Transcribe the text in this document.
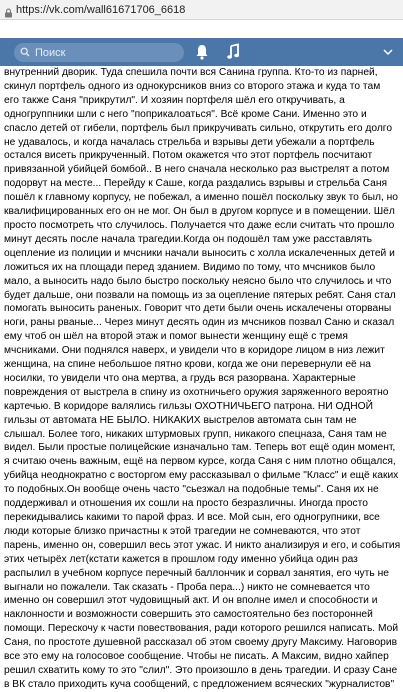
https://vk.com/wall61671706_6618
Поиск
внутренний дворик. Туда спешила почти вся Санина группа. Кто-то из парней,
скинул портфель одного из однокурсников вниз со второго этажа и куда то там
его также Саня "прикрутил". И хозяин портфеля шёл его откручивать, а
одногруппники шли с него "поприкалоаться". Всё кроме Сани. Именно это и
спасло детей от гибели, портфель был прикручивать сильно, открутить его долго
не удавалось, и когда началась стрельба и взрывы дети убежали а портфель
остался висеть прикрученный. Потом окажется что этот портфель посчитают
привязанной убийцей бомбой.. В него сначала несколько раз выстрелят а потом
подорвут на месте... Перейду к Саше, когда раздались взрывы и стрельба Саня
пошёл к главному корпусу, не побежал, а именно пошёл поскольку звук то был, но
квалифицированных его он не мог. Он был в другом корпусе и в помещении. Шёл
просто посмотреть что случилось. Получается что даже если считать что прошло
минут десять после начала трагедии.Когда он подошёл там уже расставлять
оцепление из полиции и мчсники начали выносить с холла искалеченных детей и
ложиться их на площади перед зданием. Видимо по тому, что мчсников было
мало, а выносить надо было быстро поскольку неясно было что случилось и что
будет дальше, они позвали на помощь из за оцепление пятерых ребят. Саня стал
помогать выносить раненых. Говорит что дети были очень искалечены оторваны
ноги, раны рваные... Через минут десять один из мчсников позвал Саню и сказал
ему чтоб он шёл на второй этаж и помог вынести женщину ещё с тремя
мчсниками. Они поднялся наверх, и увидели что в коридоре лицом в низ лежит
женщина, на спине небольшое пятно крови, когда же они перевернули её на
носилки, то увидели что она мертва, а грудь вся разорвана. Характерные
повреждения от выстрела в спину из охотничьего оружия заряженного вероятно
картечью. В коридоре валялись гильзы ОХОТНИЧЬЕГО патрона. НИ ОДНОЙ
гильзы от автомата НЕ БЫЛО. НИКАКИХ выстрелов автомата сын там не
слышал. Более того, никаких штурмовых групп, никакого спецназа, Саня там не
видел. Были простые полицейские изначально там. Теперь вот ещё один момент,
я считаю очень важным, ещё на первом курсе, когда Саня с ним плотно общался,
убийца неоднократно с восторгом ему рассказывал о фильме "Класс" и ещё каких
то подобных.Он вообще очень часто "сьезжал на подобные темы". Саня их не
поддерживал и отношения их сошли на просто безразличны. Иногда просто
перекидывались какими то парой фраз. И все. Мой сын, его одногрупники, все
люди которые близко причастны к этой трагедии не сомневаются, что этот
парень, именно он, совершил весь этот ужас. И никто анализируя и его, и события
этих четырёх лет(кстати кажется в прошлом году именно убийца один раз
распылил в учебном корпусе перечный баллончик и сорвал занятия, его чуть не
выгнали но пожалели. Так сказать - Проба пера...) никто не сомневается что
именно он совершил этот чудовищный акт. И он вполне имел и способности и
наклонности и возможности совершить это самостоятельно без посторонней
помощи. Перескочу к части повествования, ради которого решился написать. Мой
Саня, по простоте душевной рассказал об этом своему другу Максиму. Наговорив
все это ему на голосовое сообщение. Чтобы не писать. А Максим, видно хайпер
решил схватить кому то это "слил". Это произошло в день трагедии. И сразу Сане
в ВК стало приходить куча сообщений, с предложением всяческих "журналистов"
